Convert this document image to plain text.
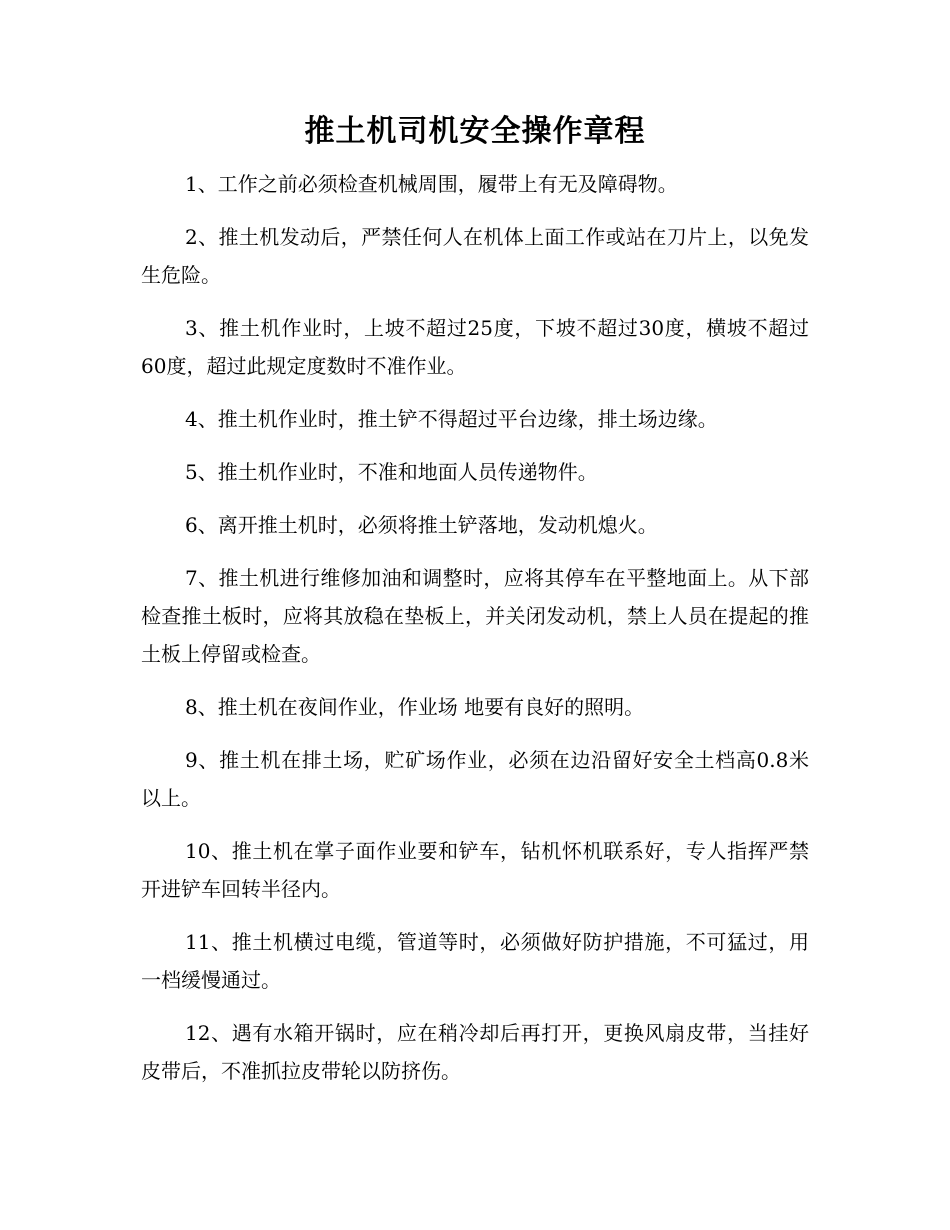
推土机司机安全操作章程

1、工作之前必须检查机械周围，履带上有无及障碍物。

2、推土机发动后，严禁任何人在机体上面工作或站在刀片上，以免发生危险。

3、推土机作业时，上坡不超过25度，下坡不超过30度，横坡不超过60度，超过此规定度数时不准作业。

4、推土机作业时，推土铲不得超过平台边缘，排土场边缘。

5、推土机作业时，不准和地面人员传递物件。

6、离开推土机时，必须将推土铲落地，发动机熄火。

7、推土机进行维修加油和调整时，应将其停车在平整地面上。从下部检查推土板时，应将其放稳在垫板上，并关闭发动机，禁上人员在提起的推土板上停留或检查。

8、推土机在夜间作业，作业场 地要有良好的照明。

9、推土机在排土场，贮矿场作业，必须在边沿留好安全土档高0.8米以上。

10、推土机在掌子面作业要和铲车，钻机怀机联系好，专人指挥严禁开进铲车回转半径内。

11、推土机横过电缆，管道等时，必须做好防护措施，不可猛过，用一档缓慢通过。

12、遇有水箱开锅时，应在稍冷却后再打开，更换风扇皮带，当挂好皮带后，不准抓拉皮带轮以防挤伤。
